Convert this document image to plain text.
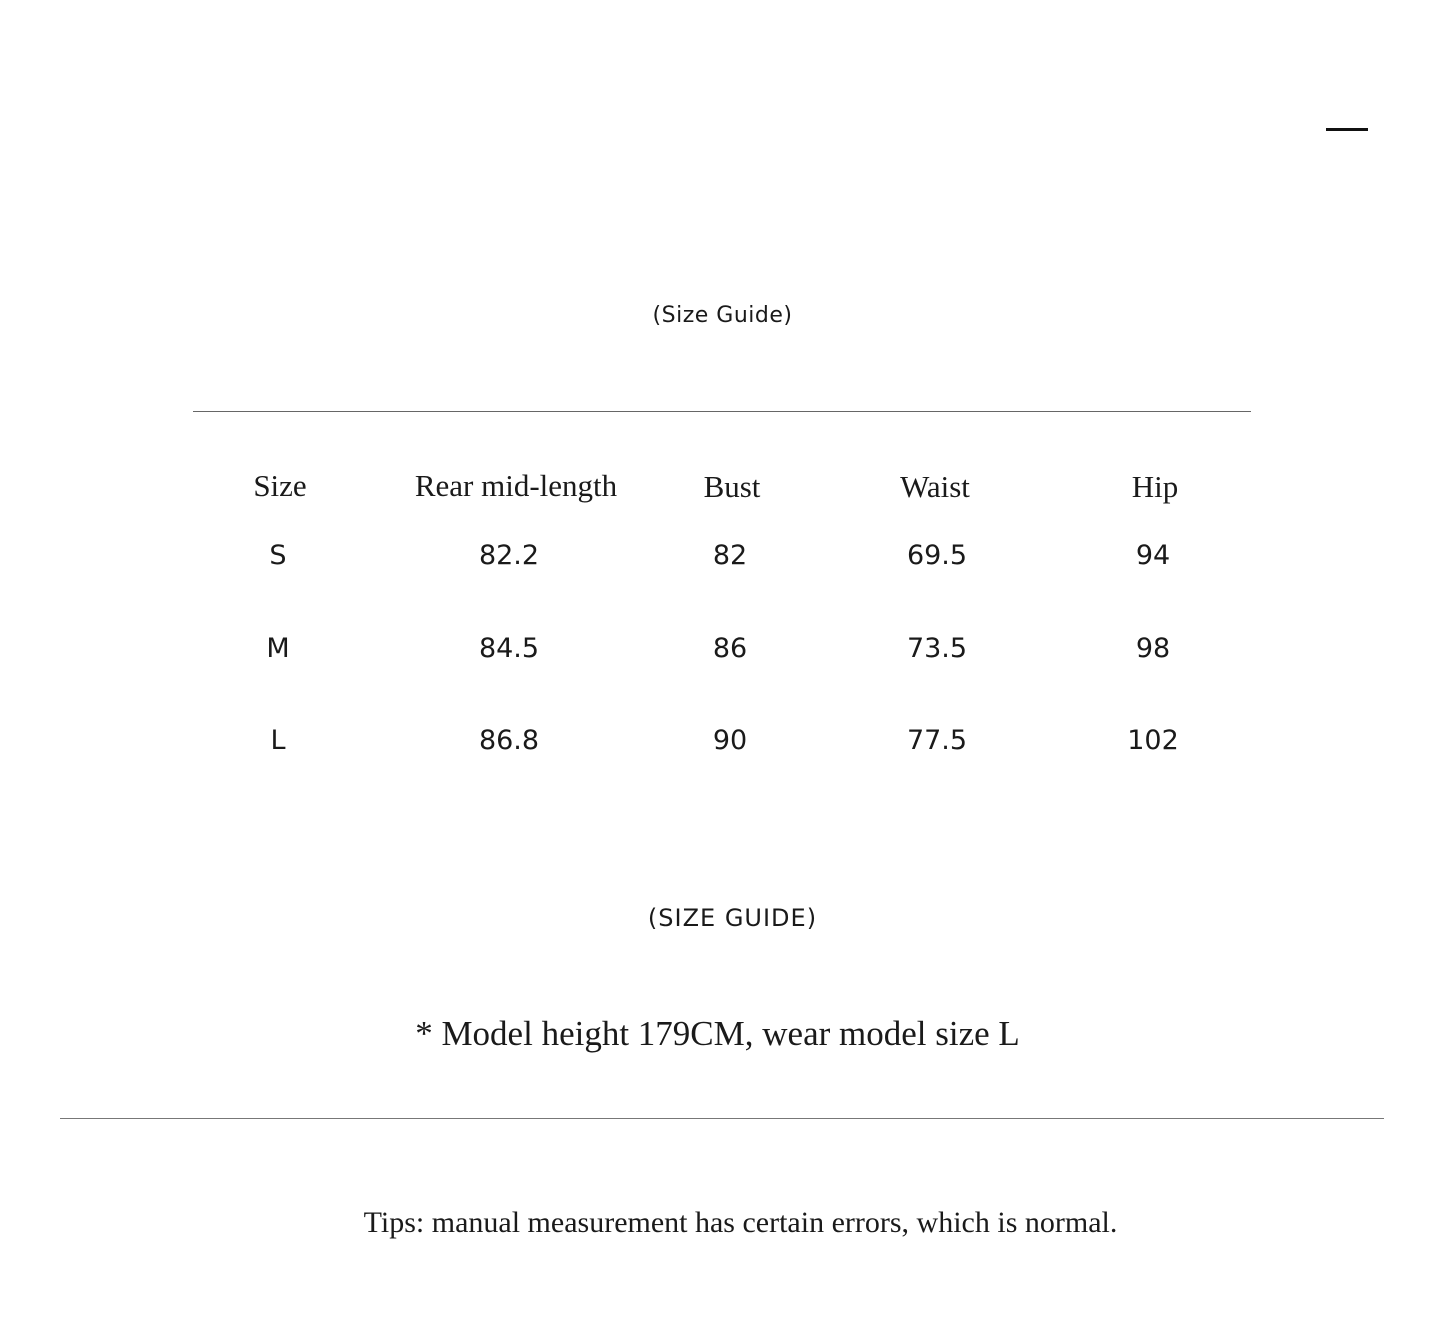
(Size Guide)
Size	Rear mid-length	Bust	Waist	Hip
S	82.2	82	69.5	94
M	84.5	86	73.5	98
L	86.8	90	77.5	102
(SIZE GUIDE)
* Model height 179CM, wear model size L
Tips: manual measurement has certain errors, which is normal.
